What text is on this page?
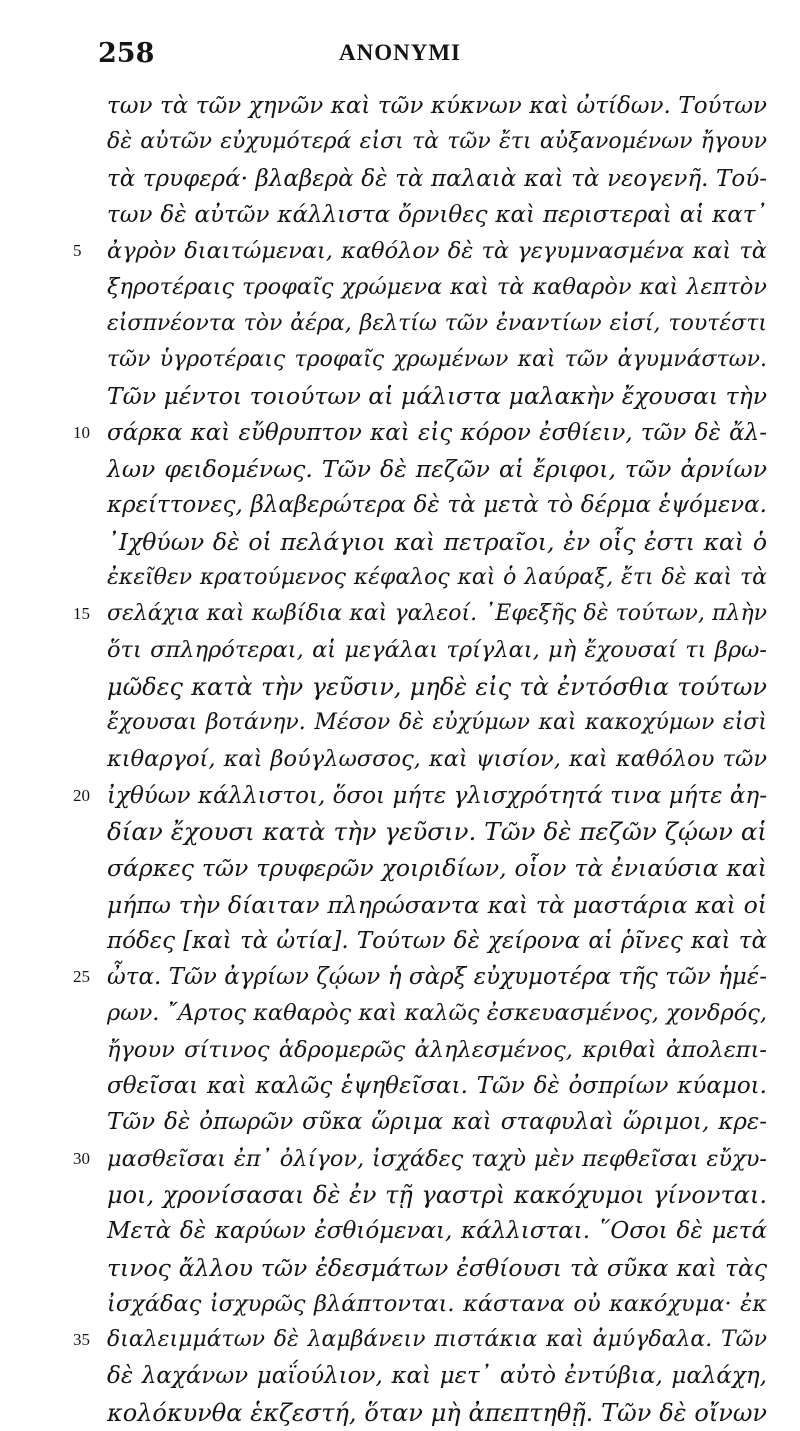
258	ANONYMI
των τὰ τῶν χηνῶν καὶ τῶν κύκνων καὶ ὠτίδων. Τούτων
δὲ αὐτῶν εὐχυμότερά εἰσι τὰ τῶν ἔτι αὐξανομένων ἤγουν
τὰ τρυφερά· βλαβερὰ δὲ τὰ παλαιὰ καὶ τὰ νεογενῆ. Τού-
των δὲ αὐτῶν κάλλιστα ὄρνιθες καὶ περιστεραὶ αἱ κατ᾽
5	ἀγρὸν διαιτώμεναι, καθόλον δὲ τὰ γεγυμνασμένα καὶ τὰ
ξηροτέραις τροφαῖς χρώμενα καὶ τὰ καθαρὸν καὶ λεπτὸν
εἰσπνέοντα τὸν ἀέρα, βελτίω τῶν ἐναντίων εἰσί, τουτέστι
τῶν ὑγροτέραις τροφαῖς χρωμένων καὶ τῶν ἀγυμνάστων.
Τῶν μέντοι τοιούτων αἱ μάλιστα μαλακὴν ἔχουσαι τὴν
10 σάρκα καὶ εὔθρυπτον καὶ εἰς κόρον ἐσθίειν, τῶν δὲ ἄλ-
λων φειδομένως. Τῶν δὲ πεζῶν αἱ ἔριφοι, τῶν ἀρνίων
κρείττονες, βλαβερώτερα δὲ τὰ μετὰ τὸ δέρμα ἑψόμενα.
᾽Ιχθύων δὲ οἱ πελάγιοι καὶ πετραῖοι, ἐν οἷς ἐστι καὶ ὁ
ἐκεῖθεν κρατούμενος κέφαλος καὶ ὁ λαύραξ, ἔτι δὲ καὶ τὰ
15 σελάχια καὶ κωβίδια καὶ γαλεοί. ᾽Εφεξῆς δὲ τούτων, πλὴν
ὅτι σπληρότεραι, αἱ μεγάλαι τρίγλαι, μὴ ἔχουσαί τι βρω-
μῶδες κατὰ τὴν γεῦσιν, μηδὲ εἰς τὰ ἐντόσθια τούτων
ἔχουσαι βοτάνην. Μέσον δὲ εὐχύμων καὶ κακοχύμων εἰσὶ
κιθαργοί, καὶ βούγλωσσος, καὶ ψισίον, καὶ καθόλου τῶν
20 ἰχθύων κάλλιστοι, ὅσοι μήτε γλισχρότητά τινα μήτε ἀη-
δίαν ἔχουσι κατὰ τὴν γεῦσιν. Τῶν δὲ πεζῶν ζῴων αἱ
σάρκες τῶν τρυφερῶν χοιριδίων, οἷον τὰ ἐνιαύσια καὶ
μήπω τὴν δίαιταν πληρώσαντα καὶ τὰ μαστάρια καὶ οἱ
πόδες [καὶ τὰ ὠτία]. Τούτων δὲ χείρονα αἱ ῥῖνες καὶ τὰ
25 ὦτα. Τῶν ἀγρίων ζῴων ἡ σὰρξ εὐχυμοτέρα τῆς τῶν ἡμέ-
ρων. ῎Αρτος καθαρὸς καὶ καλῶς ἐσκευασμένος, χονδρός,
ἤγουν σίτινος ἁδρομερῶς ἀληλεσμένος, κριθαὶ ἀπολεπι-
σθεῖσαι καὶ καλῶς ἑψηθεῖσαι. Τῶν δὲ ὀσπρίων κύαμοι.
Τῶν δὲ ὀπωρῶν σῦκα ὥριμα καὶ σταφυλαὶ ὥριμοι, κρε-
30 μασθεῖσαι ἐπ᾽ ὀλίγον, ἰσχάδες ταχὺ μὲν πεφθεῖσαι εὔχυ-
μοι, χρονίσασαι δὲ ἐν τῇ γαστρὶ κακόχυμοι γίνονται.
Μετὰ δὲ καρύων ἐσθιόμεναι, κάλλισται. ῞Οσοι δὲ μετά
τινος ἄλλου τῶν ἐδεσμάτων ἐσθίουσι τὰ σῦκα καὶ τὰς
ἰσχάδας ἰσχυρῶς βλάπτονται. κάστανα οὐ κακόχυμα· ἐκ
35 διαλειμμάτων δὲ λαμβάνειν πιστάκια καὶ ἀμύγδαλα. Τῶν
δὲ λαχάνων μαΐούλιον, καὶ μετ᾽ αὐτὸ ἐντύβια, μαλάχη,
κολόκυνθα ἑκζεστή, ὅταν μὴ ἀπεπτηθῇ. Τῶν δὲ οἴνων
